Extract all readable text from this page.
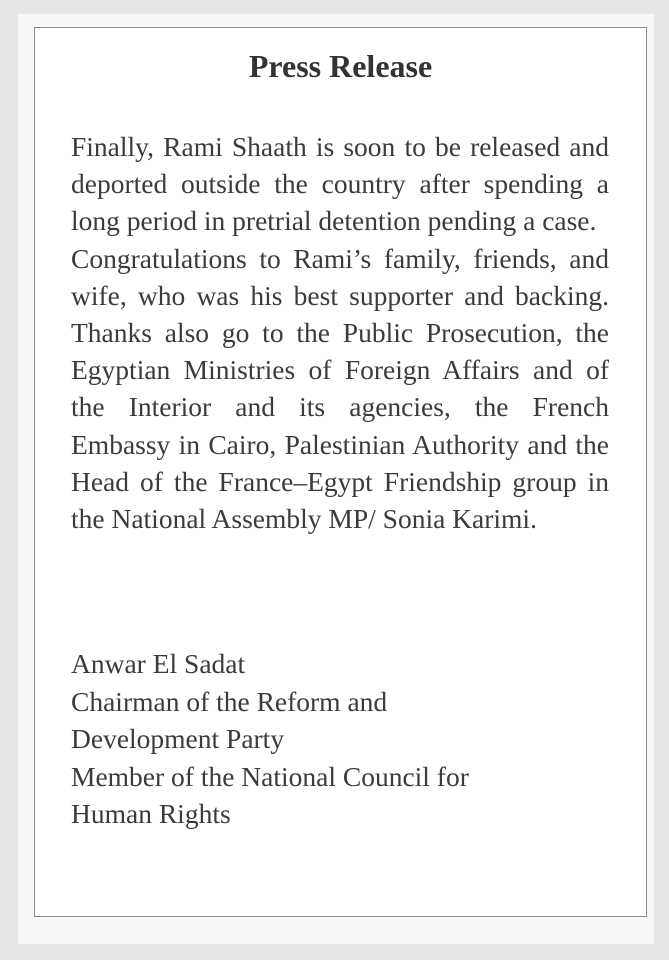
Press Release

Finally, Rami Shaath is soon to be released and deported outside the country after spending a long period in pretrial detention pending a case.

Congratulations to Rami’s family, friends, and wife, who was his best supporter and backing. Thanks also go to the Public Prosecution, the Egyptian Ministries of Foreign Affairs and of the Interior and its agencies, the French Embassy in Cairo, Palestinian Authority and the Head of the France–Egypt Friendship group in the National Assembly MP/ Sonia Karimi.

Anwar El Sadat
Chairman of the Reform and
Development Party
Member of the National Council for
Human Rights
